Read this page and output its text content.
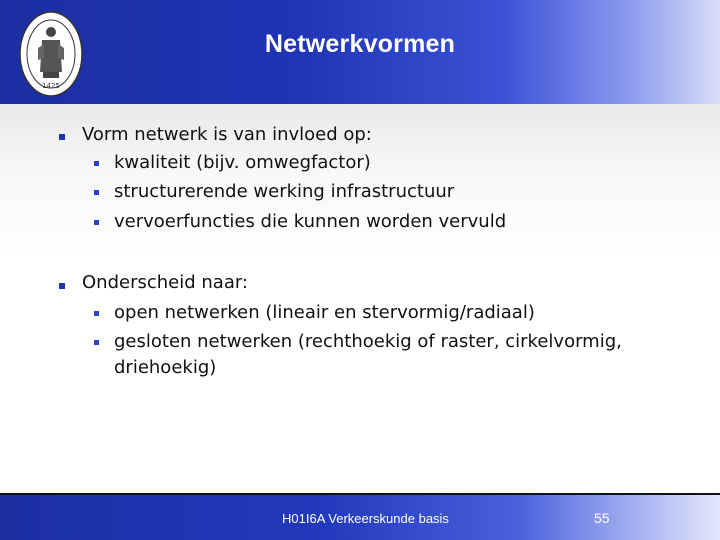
1425
Netwerkvormen
Vorm netwerk is van invloed op:
kwaliteit (bijv. omwegfactor)
structurerende werking infrastructuur
vervoerfuncties die kunnen worden vervuld
Onderscheid naar:
open netwerken (lineair en stervormig/radiaal)
gesloten netwerken (rechthoekig of raster, cirkelvormig,
driehoekig)
H01I6A Verkeerskunde basis	55
